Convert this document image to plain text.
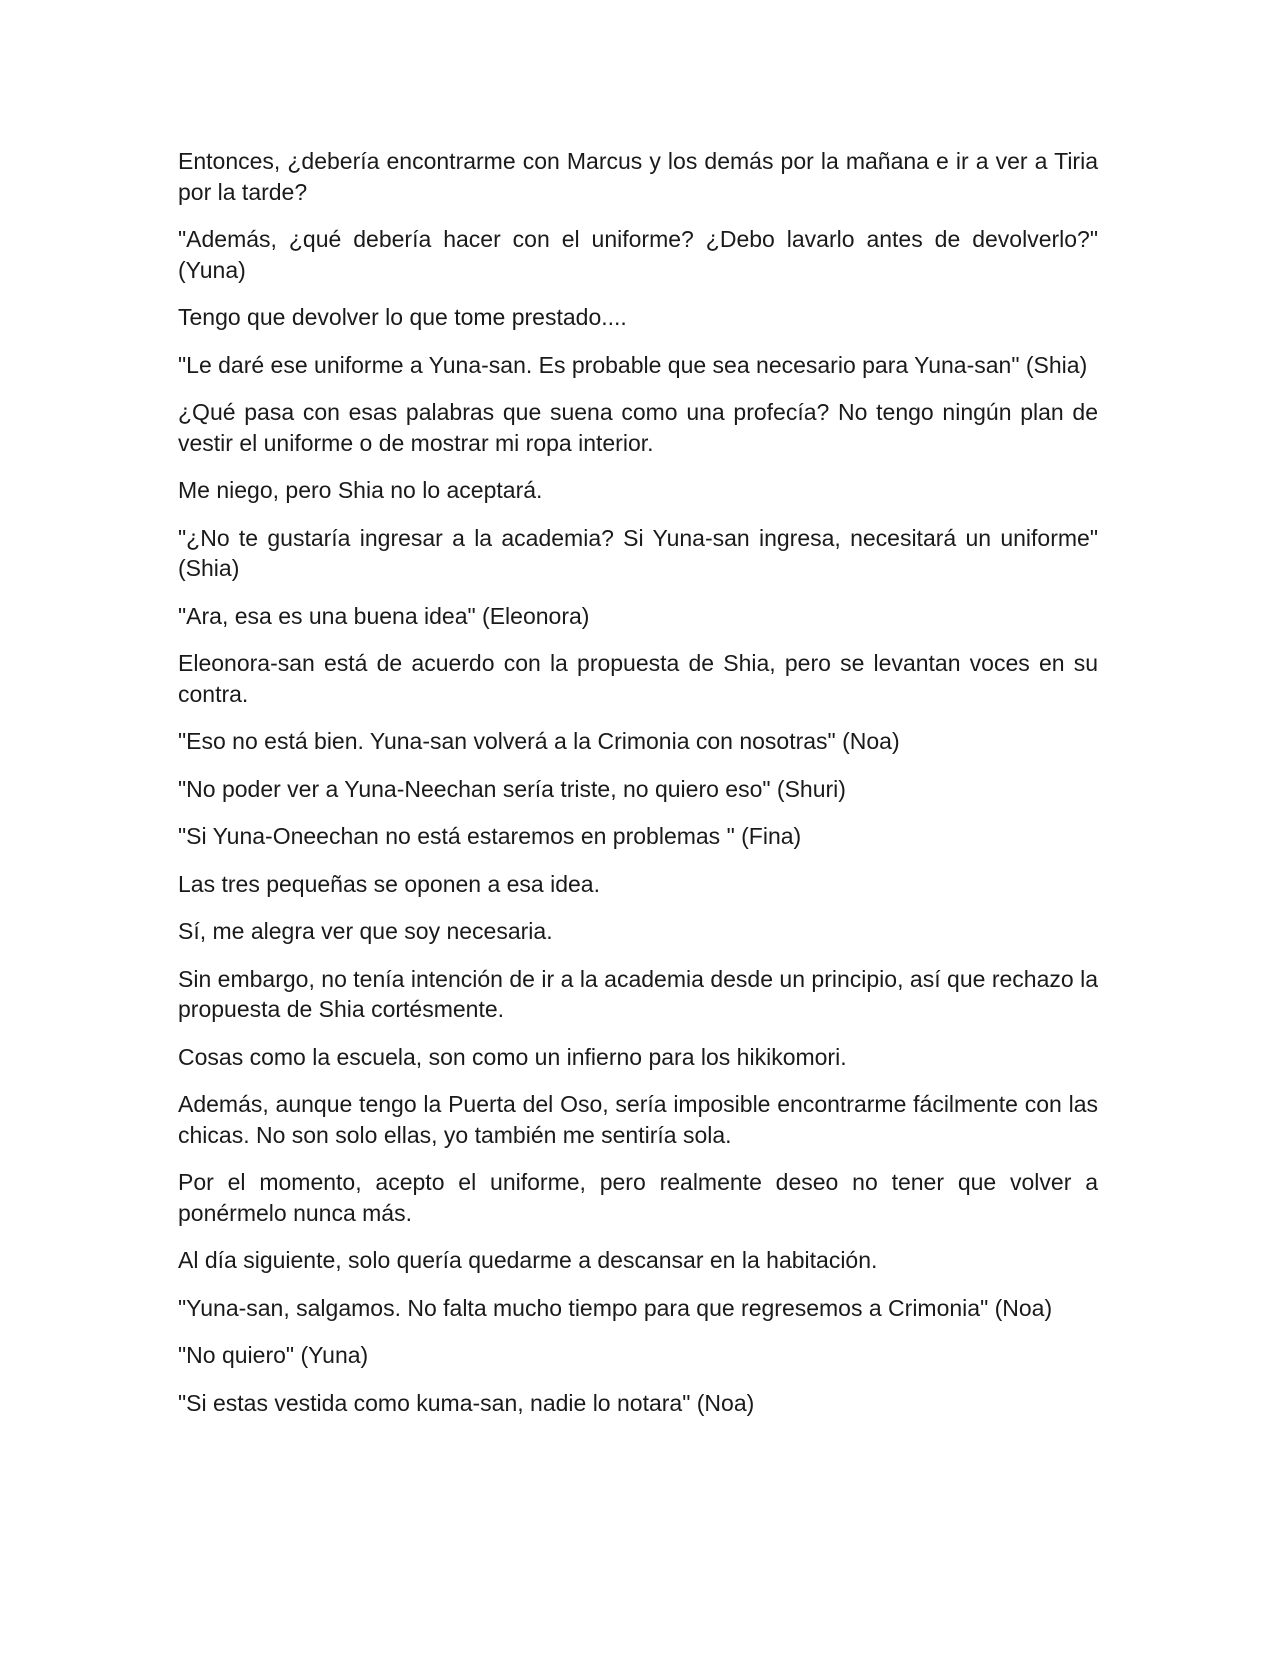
Entonces, ¿debería encontrarme con Marcus y los demás por la mañana e ir a ver a Tiria por la tarde?

"Además, ¿qué debería hacer con el uniforme? ¿Debo lavarlo antes de devolverlo?" (Yuna)

Tengo que devolver lo que tome prestado....

"Le daré ese uniforme a Yuna-san. Es probable que sea necesario para Yuna-san" (Shia)

¿Qué pasa con esas palabras que suena como una profecía? No tengo ningún plan de vestir el uniforme o de mostrar mi ropa interior.

Me niego, pero Shia no lo aceptará.

"¿No te gustaría ingresar a la academia? Si Yuna-san ingresa, necesitará un uniforme" (Shia)

"Ara, esa es una buena idea" (Eleonora)

Eleonora-san está de acuerdo con la propuesta de Shia, pero se levantan voces en su contra.

"Eso no está bien. Yuna-san volverá a la Crimonia con nosotras" (Noa)

"No poder ver a Yuna-Neechan sería triste, no quiero eso" (Shuri)

"Si Yuna-Oneechan no está estaremos en problemas " (Fina)

Las tres pequeñas se oponen a esa idea.

Sí, me alegra ver que soy necesaria.

Sin embargo, no tenía intención de ir a la academia desde un principio, así que rechazo la propuesta de Shia cortésmente.

Cosas como la escuela, son como un infierno para los hikikomori.

Además, aunque tengo la Puerta del Oso, sería imposible encontrarme fácilmente con las chicas. No son solo ellas, yo también me sentiría sola.

Por el momento, acepto el uniforme, pero realmente deseo no tener que volver a ponérmelo nunca más.

Al día siguiente, solo quería quedarme a descansar en la habitación.

"Yuna-san, salgamos. No falta mucho tiempo para que regresemos a Crimonia" (Noa)

"No quiero" (Yuna)

"Si estas vestida como kuma-san, nadie lo notara" (Noa)
